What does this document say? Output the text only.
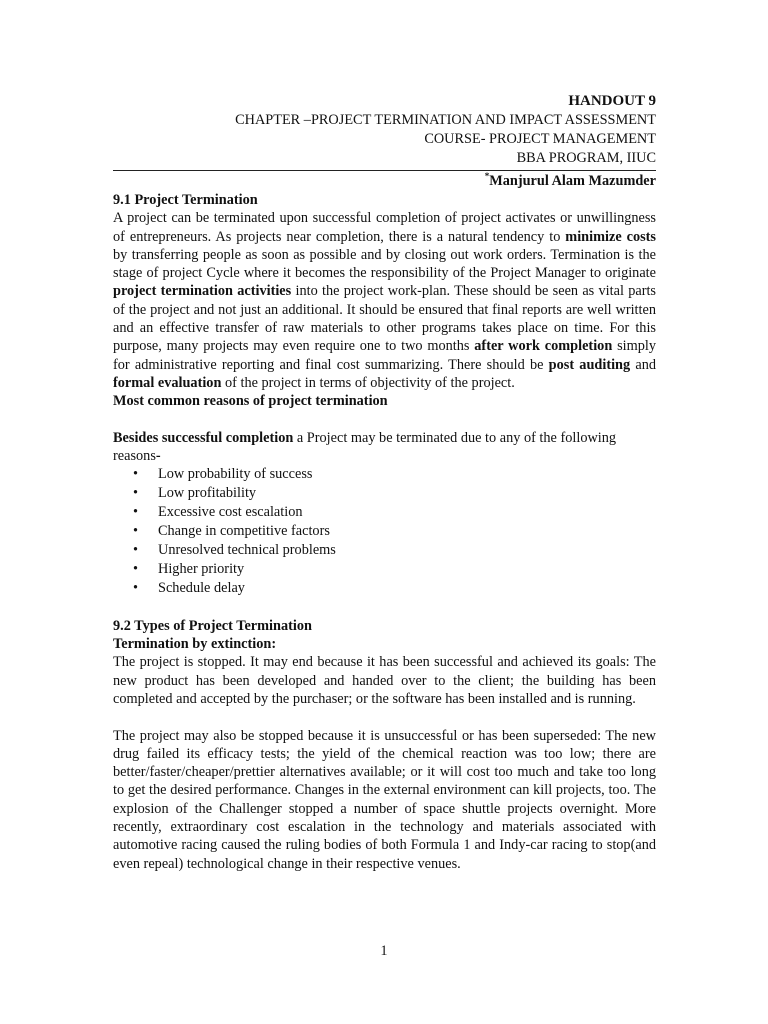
HANDOUT 9
CHAPTER –PROJECT TERMINATION AND IMPACT ASSESSMENT
COURSE- PROJECT MANAGEMENT
BBA PROGRAM, IIUC
*Manjurul Alam Mazumder
9.1 Project Termination

A project can be terminated upon successful completion of project activates or unwillingness of entrepreneurs. As projects near completion, there is a natural tendency to minimize costs by transferring people as soon as possible and by closing out work orders. Termination is the stage of project Cycle where it becomes the responsibility of the Project Manager to originate project termination activities into the project work-plan. These should be seen as vital parts of the project and not just an additional. It should be ensured that final reports are well written and an effective transfer of raw materials to other programs takes place on time. For this purpose, many projects may even require one to two months after work completion simply for administrative reporting and final cost summarizing. There should be post auditing and formal evaluation of the project in terms of objectivity of the project.

Most common reasons of project termination

Besides successful completion a Project may be terminated due to any of the following reasons-

• Low probability of success
• Low profitability
• Excessive cost escalation
• Change in competitive factors
• Unresolved technical problems
• Higher priority
• Schedule delay
9.2 Types of Project Termination
Termination by extinction:

The project is stopped. It may end because it has been successful and achieved its goals: The new product has been developed and handed over to the client; the building has been completed and accepted by the purchaser; or the software has been installed and is running.

The project may also be stopped because it is unsuccessful or has been superseded: The new drug failed its efficacy tests; the yield of the chemical reaction was too low; there are better/faster/cheaper/prettier alternatives available; or it will cost too much and take too long to get the desired performance. Changes in the external environment can kill projects, too. The explosion of the Challenger stopped a number of space shuttle projects overnight. More recently, extraordinary cost escalation in the technology and materials associated with automotive racing caused the ruling bodies of both Formula 1 and Indy-car racing to stop(and even repeal) technological change in their respective venues.

1
